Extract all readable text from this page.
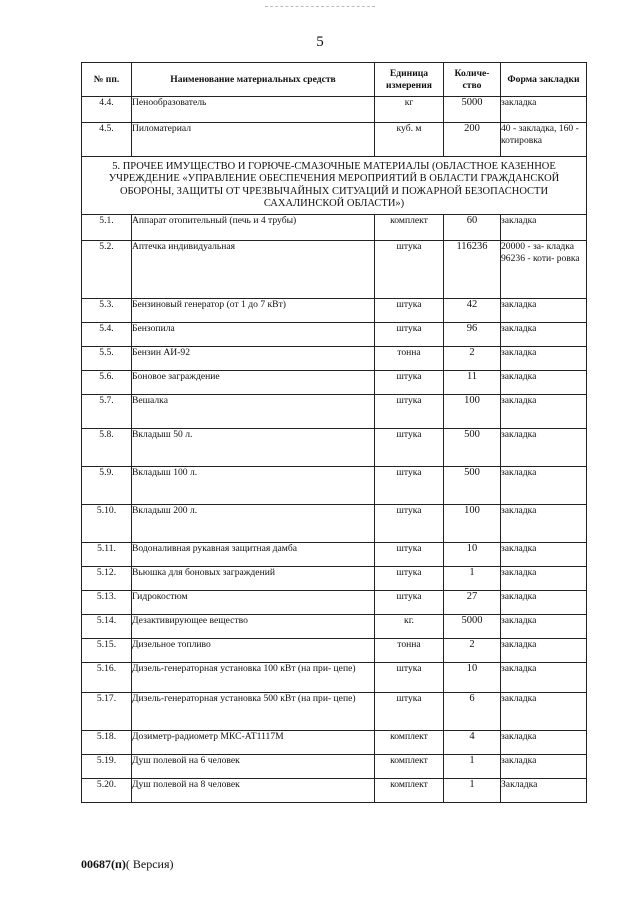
5
№ пп.	Наименование материальных средств	Единица измерения	Количе- ство	Форма закладки
4.4.	Пенообразователь	кг	5000	закладка
4.5.	Пиломатериал	куб. м	200	40 - закладка, 160 - котировка
5. ПРОЧЕЕ ИМУЩЕСТВО И ГОРЮЧЕ-СМАЗОЧНЫЕ МАТЕРИАЛЫ (ОБЛАСТНОЕ КАЗЕННОЕ УЧРЕЖДЕНИЕ «УПРАВЛЕНИЕ ОБЕСПЕЧЕНИЯ МЕРОПРИЯТИЙ В ОБЛАСТИ ГРАЖДАНСКОЙ ОБОРОНЫ, ЗАЩИТЫ ОТ ЧРЕЗВЫЧАЙНЫХ СИТУАЦИЙ И ПОЖАРНОЙ БЕЗОПАСНОСТИ САХАЛИНСКОЙ ОБЛАСТИ»)				
5.1.	Аппарат отопительный (печь и 4 трубы)	комплект	60	закладка
5.2.	Аптечка индивидуальная	штука	116236	20000 - за- кладка 96236 - коти- ровка
5.3.	Бензиновый генератор (от 1 до 7 кВт)	штука	42	закладка
5.4.	Бензопила	штука	96	закладка
5.5.	Бензин АИ-92	тонна	2	закладка
5.6.	Боновое заграждение	штука	11	закладка
5.7.	Вешалка	штука	100	закладка
5.8.	Вкладыш 50 л.	штука	500	закладка
5.9.	Вкладыш 100 л.	штука	500	закладка
5.10.	Вкладыш 200 л.	штука	100	закладка
5.11.	Водоналивная рукавная защитная дамба	штука	10	закладка
5.12.	Вьюшка для боновых заграждений	штука	1	закладка
5.13.	Гидрокостюм	штука	27	закладка
5.14.	Дезактивирующее вещество	кг.	5000	закладка
5.15.	Дизельное топливо	тонна	2	закладка
5.16.	Дизель-генераторная установка 100 кВт (на при- цепе)	штука	10	закладка
5.17.	Дизель-генераторная установка 500 кВт (на при- цепе)	штука	6	закладка
5.18.	Дозиметр-радиометр МКС-АТ1117М	комплект	4	закладка
5.19.	Душ полевой на 6 человек	комплект	1	закладка
5.20.	Душ полевой на 8 человек	комплект	1	Закладка
00687(п)( Версия)
